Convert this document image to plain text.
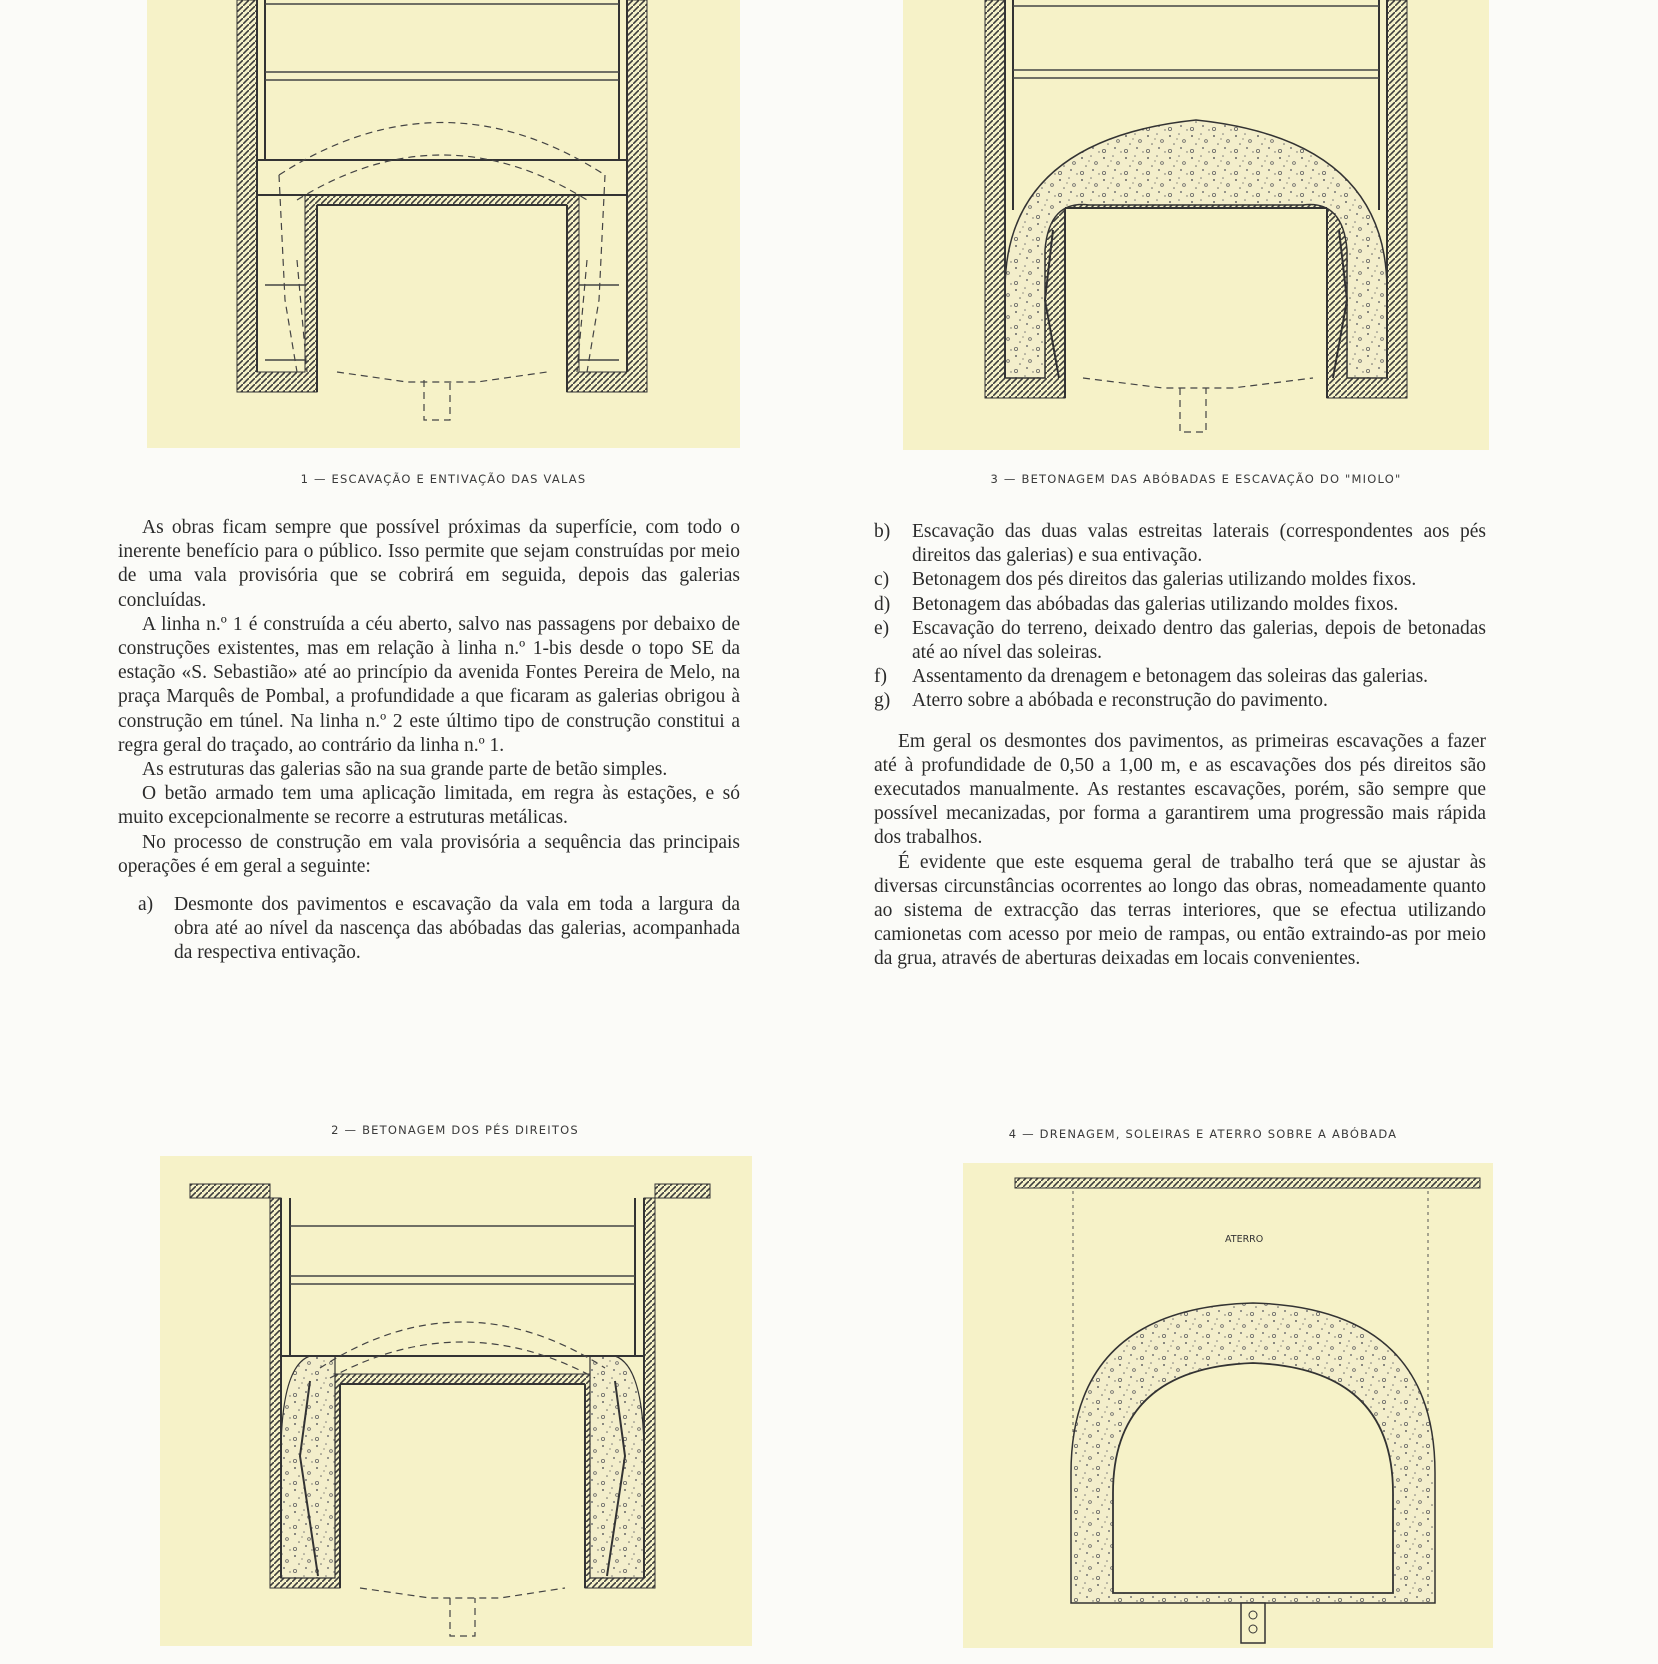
1 — ESCAVAÇÃO E ENTIVAÇÃO DAS VALAS	3 — BETONAGEM DAS ABÓBADAS E ESCAVAÇÃO DO "MIOLO"

As obras ficam sempre que possível próximas da superfície, com todo o inerente benefício para o público. Isso permite que sejam construídas por meio de uma vala provisória que se cobrirá em seguida, depois das galerias concluídas.

A linha n.º 1 é construída a céu aberto, salvo nas passagens por debaixo de construções existentes, mas em relação à linha n.º 1-bis desde o topo SE da estação «S. Sebastião» até ao princípio da avenida Fontes Pereira de Melo, na praça Marquês de Pombal, a profundidade a que ficaram as galerias obrigou à construção em túnel. Na linha n.º 2 este último tipo de construção constitui a regra geral do traçado, ao contrário da linha n.º 1.

As estruturas das galerias são na sua grande parte de betão simples.

O betão armado tem uma aplicação limitada, em regra às estações, e só muito excepcionalmente se recorre a estruturas metálicas.

No processo de construção em vala provisória a sequência das principais operações é em geral a seguinte:

a)	Desmonte dos pavimentos e escavação da vala em toda a largura da obra até ao nível da nascença das abóbadas das galerias, acompanhada da respectiva entivação.
b)	Escavação das duas valas estreitas laterais (correspondentes aos pés direitos das galerias) e sua entivação.
c)	Betonagem dos pés direitos das galerias utilizando moldes fixos.
d)	Betonagem das abóbadas das galerias utilizando moldes fixos.
e)	Escavação do terreno, deixado dentro das galerias, depois de betonadas até ao nível das soleiras.
f)	Assentamento da drenagem e betonagem das soleiras das galerias.
g)	Aterro sobre a abóbada e reconstrução do pavimento.

Em geral os desmontes dos pavimentos, as primeiras escavações a fazer até à profundidade de 0,50 a 1,00 m, e as escavações dos pés direitos são executados manualmente. As restantes escavações, porém, são sempre que possível mecanizadas, por forma a garantirem uma progressão mais rápida dos trabalhos.

É evidente que este esquema geral de trabalho terá que se ajustar às diversas circunstâncias ocorrentes ao longo das obras, nomeadamente quanto ao sistema de extracção das terras interiores, que se efectua utilizando camionetas com acesso por meio de rampas, ou então extraindo-as por meio da grua, através de aberturas deixadas em locais convenientes.

2 — BETONAGEM DOS PÉS DIREITOS	4 — DRENAGEM, SOLEIRAS E ATERRO SOBRE A ABÓBADA
ATERRO
